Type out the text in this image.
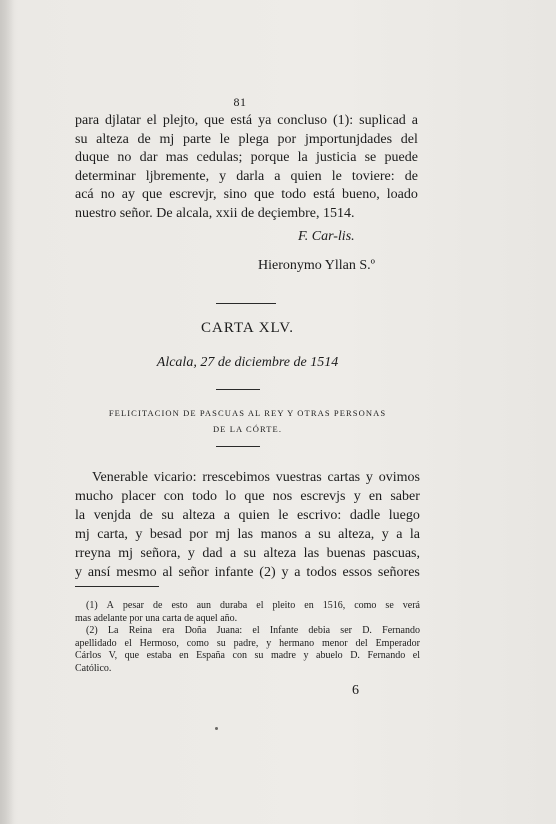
81
para djlatar el plejto, que está ya concluso (1): suplicad a
su alteza de mj parte le plega por jmportunjdades del
duque no dar mas cedulas; porque la justicia se puede
determinar ljbremente, y darla a quien le toviere: de
acá no ay que escrevjr, sino que todo está bueno, loado
nuestro señor. De alcala, xxii de deçiembre, 1514.
F. Car-lis.
Hieronymo Yllan S.º
CARTA XLV.
Alcala, 27 de diciembre de 1514
FELICITACION DE PASCUAS AL REY Y OTRAS PERSONAS
DE LA CÓRTE.
Venerable vicario: rrescebimos vuestras cartas y ovimos
mucho placer con todo lo que nos escrevjs y en saber
la venjda de su alteza a quien le escrivo: dadle luego
mj carta, y besad por mj las manos a su alteza, y a la
rreyna mj señora, y dad a su alteza las buenas pascuas,
y ansí mesmo al señor infante (2) y a todos essos señores
(1) A pesar de esto aun duraba el pleito en 1516, como se verá
mas adelante por una carta de aquel año.
(2) La Reina era Doña Juana: el Infante debia ser D. Fernando
apellidado el Hermoso, como su padre, y hermano menor del Emperador
Cárlos V, que estaba en España con su madre y abuelo D. Fernando el
Católico.
6
